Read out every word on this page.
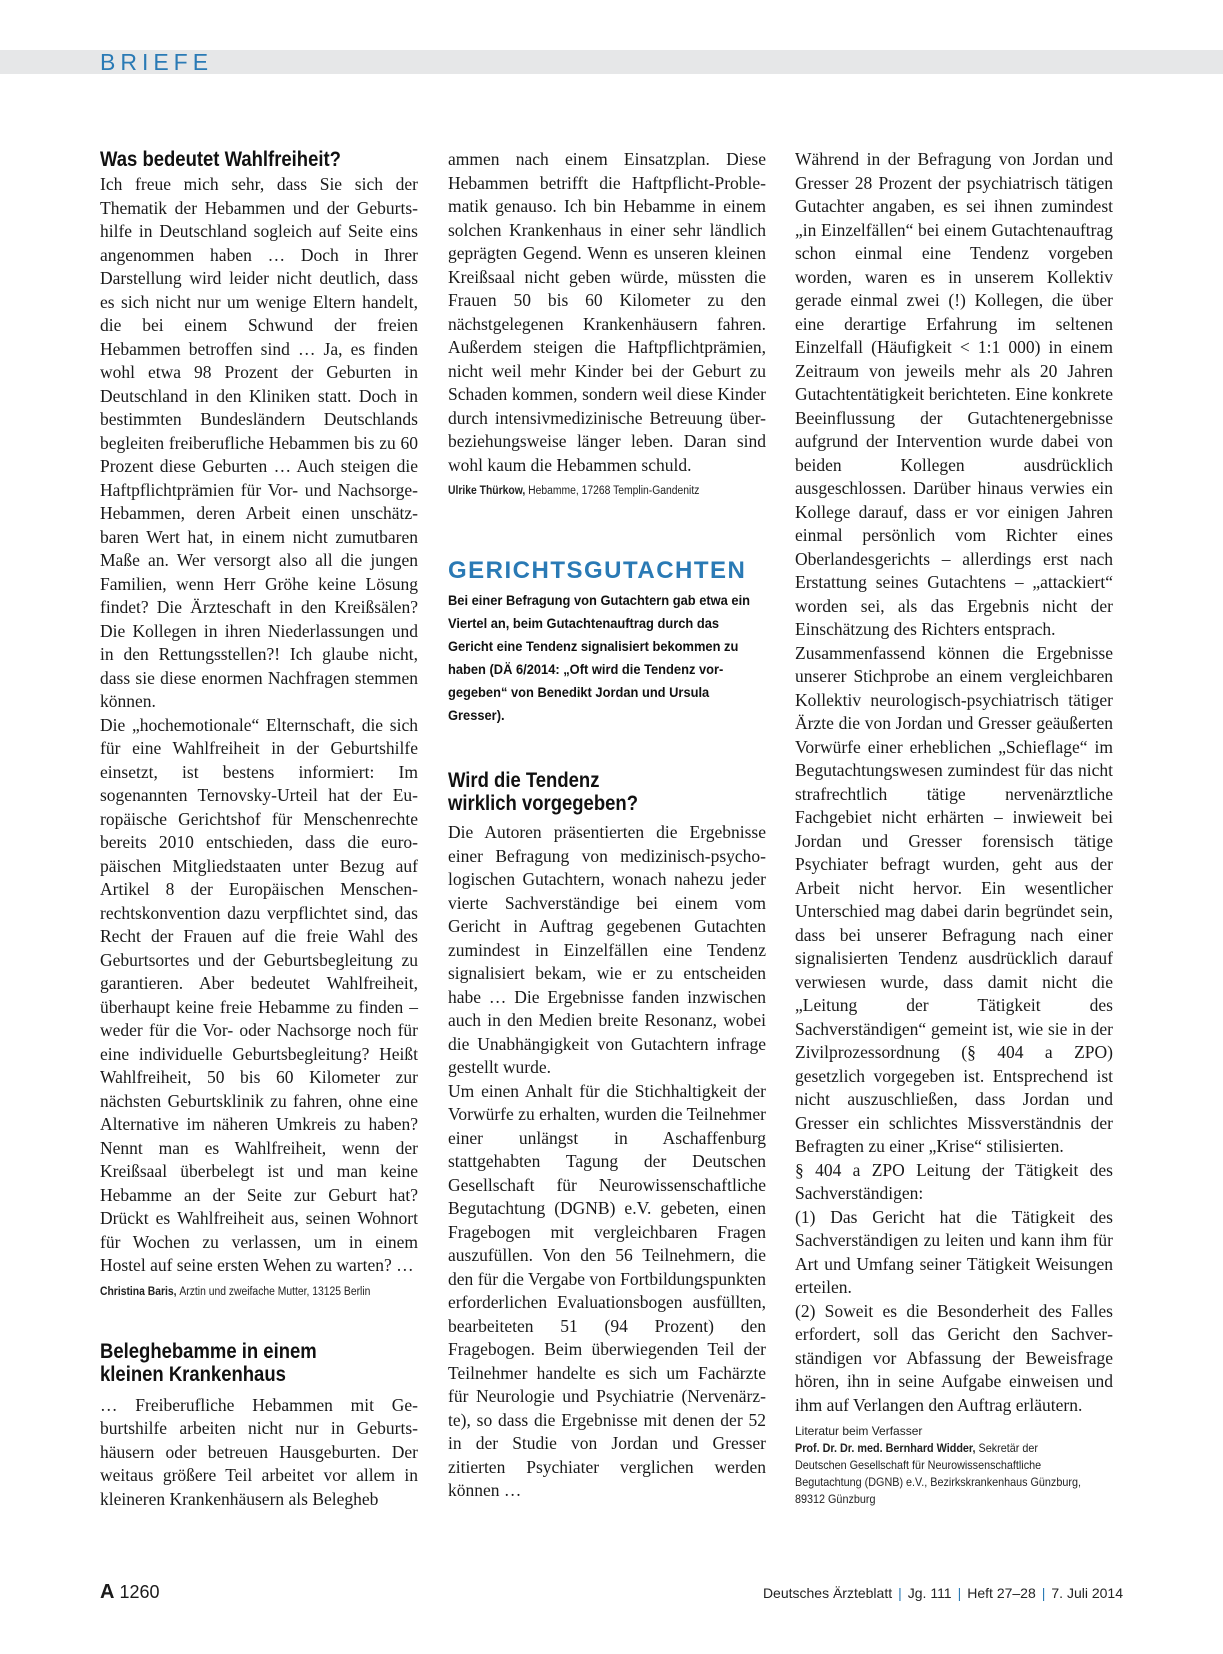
BRIEFE
Was bedeutet Wahlfreiheit?

Ich freue mich sehr, dass Sie sich der Thematik der Hebammen und der Geburtshilfe in Deutschland sogleich auf Seite eins angenommen haben … Doch in Ihrer Darstellung wird leider nicht deutlich, dass es sich nicht nur um wenige Eltern handelt, die bei einem Schwund der freien Hebammen betroffen sind … Ja, es finden wohl etwa 98 Prozent der Geburten in Deutschland in den Kliniken statt. Doch in bestimmten Bundesländern Deutschlands begleiten freiberufliche Hebammen bis zu 60 Prozent diese Geburten … Auch steigen die Haftpflichtprämien für Vor- und Nachsorge-Hebammen, deren Arbeit einen unschätzbaren Wert hat, in einem nicht zumutbaren Maße an. Wer versorgt also all die jungen Familien, wenn Herr Gröhe keine Lösung findet? Die Ärzteschaft in den Kreißsälen? Die Kollegen in ihren Niederlassungen und in den Rettungsstellen?! Ich glaube nicht, dass sie diese enormen Nachfragen stemmen können.

Die „hochemotionale“ Elternschaft, die sich für eine Wahlfreiheit in der Geburtshilfe einsetzt, ist bestens informiert: Im sogenannten Ternovsky-Urteil hat der Europäische Gerichtshof für Menschenrechte bereits 2010 entschieden, dass die europäischen Mitgliedstaaten unter Bezug auf Artikel 8 der Europäischen Menschenrechtskonvention dazu verpflichtet sind, das Recht der Frauen auf die freie Wahl des Geburtsortes und der Geburtsbegleitung zu garantieren. Aber bedeutet Wahlfreiheit, überhaupt keine freie Hebamme zu finden – weder für die Vor- oder Nachsorge noch für eine individuelle Geburtsbegleitung? Heißt Wahlfreiheit, 50 bis 60 Kilometer zur nächsten Geburtsklinik zu fahren, ohne eine Alternative im näheren Umkreis zu haben? Nennt man es Wahlfreiheit, wenn der Kreißsaal überbelegt ist und man keine Hebamme an der Seite zur Geburt hat? Drückt es Wahlfreiheit aus, seinen Wohnort für Wochen zu verlassen, um in einem Hostel auf seine ersten Wehen zu warten? …

Christina Baris, Ärztin und zweifache Mutter, 13125 Berlin
Beleghebamme in einem
kleinen Krankenhaus

… Freiberufliche Hebammen mit Geburtshilfe arbeiten nicht nur in Geburtshäusern oder betreuen Hausgeburten. Der weitaus größere Teil arbeitet vor allem in kleineren Krankenhäusern als Belegheb

ammen nach einem Einsatzplan. Diese Hebammen betrifft die Haftpflicht-Problematik genauso. Ich bin Hebamme in einem solchen Krankenhaus in einer sehr ländlich geprägten Gegend. Wenn es unseren kleinen Kreißsaal nicht geben würde, müssten die Frauen 50 bis 60 Kilometer zu den nächstgelegenen Krankenhäusern fahren. Außerdem steigen die Haftpflichtprämien, nicht weil mehr Kinder bei der Geburt zu Schaden kommen, sondern weil diese Kinder durch intensivmedizinische Betreuung über- beziehungsweise länger leben. Daran sind wohl kaum die Hebammen schuld.

Ulrike Thürkow, Hebamme, 17268 Templin-Gandenitz
GERICHTSGUTACHTEN

Bei einer Befragung von Gutachtern gab etwa ein Viertel an, beim Gutachtenauftrag durch das Gericht eine Tendenz signalisiert bekommen zu haben (DÄ 6/2014: „Oft wird die Tendenz vorgegeben“ von Benedikt Jordan und Ursula Gresser).

Wird die Tendenz
wirklich vorgegeben?

Die Autoren präsentierten die Ergebnisse einer Befragung von medizinisch-psychologischen Gutachtern, wonach nahezu jeder vierte Sachverständige bei einem vom Gericht in Auftrag gegebenen Gutachten zumindest in Einzelfällen eine Tendenz signalisiert bekam, wie er zu entscheiden habe … Die Ergebnisse fanden inzwischen auch in den Medien breite Resonanz, wobei die Unabhängigkeit von Gutachtern infrage gestellt wurde.

Um einen Anhalt für die Stichhaltigkeit der Vorwürfe zu erhalten, wurden die Teilnehmer einer unlängst in Aschaffenburg stattgehabten Tagung der Deutschen Gesellschaft für Neurowissenschaftliche Begutachtung (DGNB) e.V. gebeten, einen Fragebogen mit vergleichbaren Fragen auszufüllen. Von den 56 Teilnehmern, die den für die Vergabe von Fortbildungspunkten erforderlichen Evaluationsbogen ausfüllten, bearbeiteten 51 (94 Prozent) den Fragebogen. Beim überwiegenden Teil der Teilnehmer handelte es sich um Fachärzte für Neurologie und Psychiatrie (Nervenärzte), so dass die Ergebnisse mit denen der 52 in der Studie von Jordan und Gresser zitierten Psychiater verglichen werden können …

Während in der Befragung von Jordan und Gresser 28 Prozent der psychiatrisch tätigen Gutachter angaben, es sei ihnen zumindest „in Einzelfällen“ bei einem Gutachtenauftrag schon einmal eine Tendenz vorgeben worden, waren es in unserem Kollektiv gerade einmal zwei (!) Kollegen, die über eine derartige Erfahrung im seltenen Einzelfall (Häufigkeit < 1:1 000) in einem Zeitraum von jeweils mehr als 20 Jahren Gutachtentätigkeit berichteten. Eine konkrete Beeinflussung der Gutachtenergebnisse aufgrund der Intervention wurde dabei von beiden Kollegen ausdrücklich ausgeschlossen. Darüber hinaus verwies ein Kollege darauf, dass er vor einigen Jahren einmal persönlich vom Richter eines Oberlandesgerichts – allerdings erst nach Erstattung seines Gutachtens – „attackiert“ worden sei, als das Ergebnis nicht der Einschätzung des Richters entsprach.

Zusammenfassend können die Ergebnisse unserer Stichprobe an einem vergleichbaren Kollektiv neurologisch-psychiatrisch tätiger Ärzte die von Jordan und Gresser geäußerten Vorwürfe einer erheblichen „Schieflage“ im Begutachtungswesen zumindest für das nicht strafrechtlich tätige nervenärztliche Fachgebiet nicht erhärten – inwieweit bei Jordan und Gresser forensisch tätige Psychiater befragt wurden, geht aus der Arbeit nicht hervor. Ein wesentlicher Unterschied mag dabei darin begründet sein, dass bei unserer Befragung nach einer signalisierten Tendenz ausdrücklich darauf verwiesen wurde, dass damit nicht die „Leitung der Tätigkeit des Sachverständigen“ gemeint ist, wie sie in der Zivilprozessordnung (§ 404 a ZPO) gesetzlich vorgegeben ist. Entsprechend ist nicht auszuschließen, dass Jordan und Gresser ein schlichtes Missverständnis der Befragten zu einer „Krise“ stilisierten.

§ 404 a ZPO Leitung der Tätigkeit des Sachverständigen:

(1) Das Gericht hat die Tätigkeit des Sachverständigen zu leiten und kann ihm für Art und Umfang seiner Tätigkeit Weisungen erteilen.

(2) Soweit es die Besonderheit des Falles erfordert, soll das Gericht den Sachverständigen vor Abfassung der Beweisfrage hören, ihn in seine Aufgabe einweisen und ihm auf Verlangen den Auftrag erläutern.

Literatur beim Verfasser
Prof. Dr. Dr. med. Bernhard Widder, Sekretär der
Deutschen Gesellschaft für Neurowissenschaftliche
Begutachtung (DGNB) e.V., Bezirkskrankenhaus Günzburg,
89312 Günzburg
A 1260	Deutsches Ärzteblatt | Jg. 111 | Heft 27–28 | 7. Juli 2014
